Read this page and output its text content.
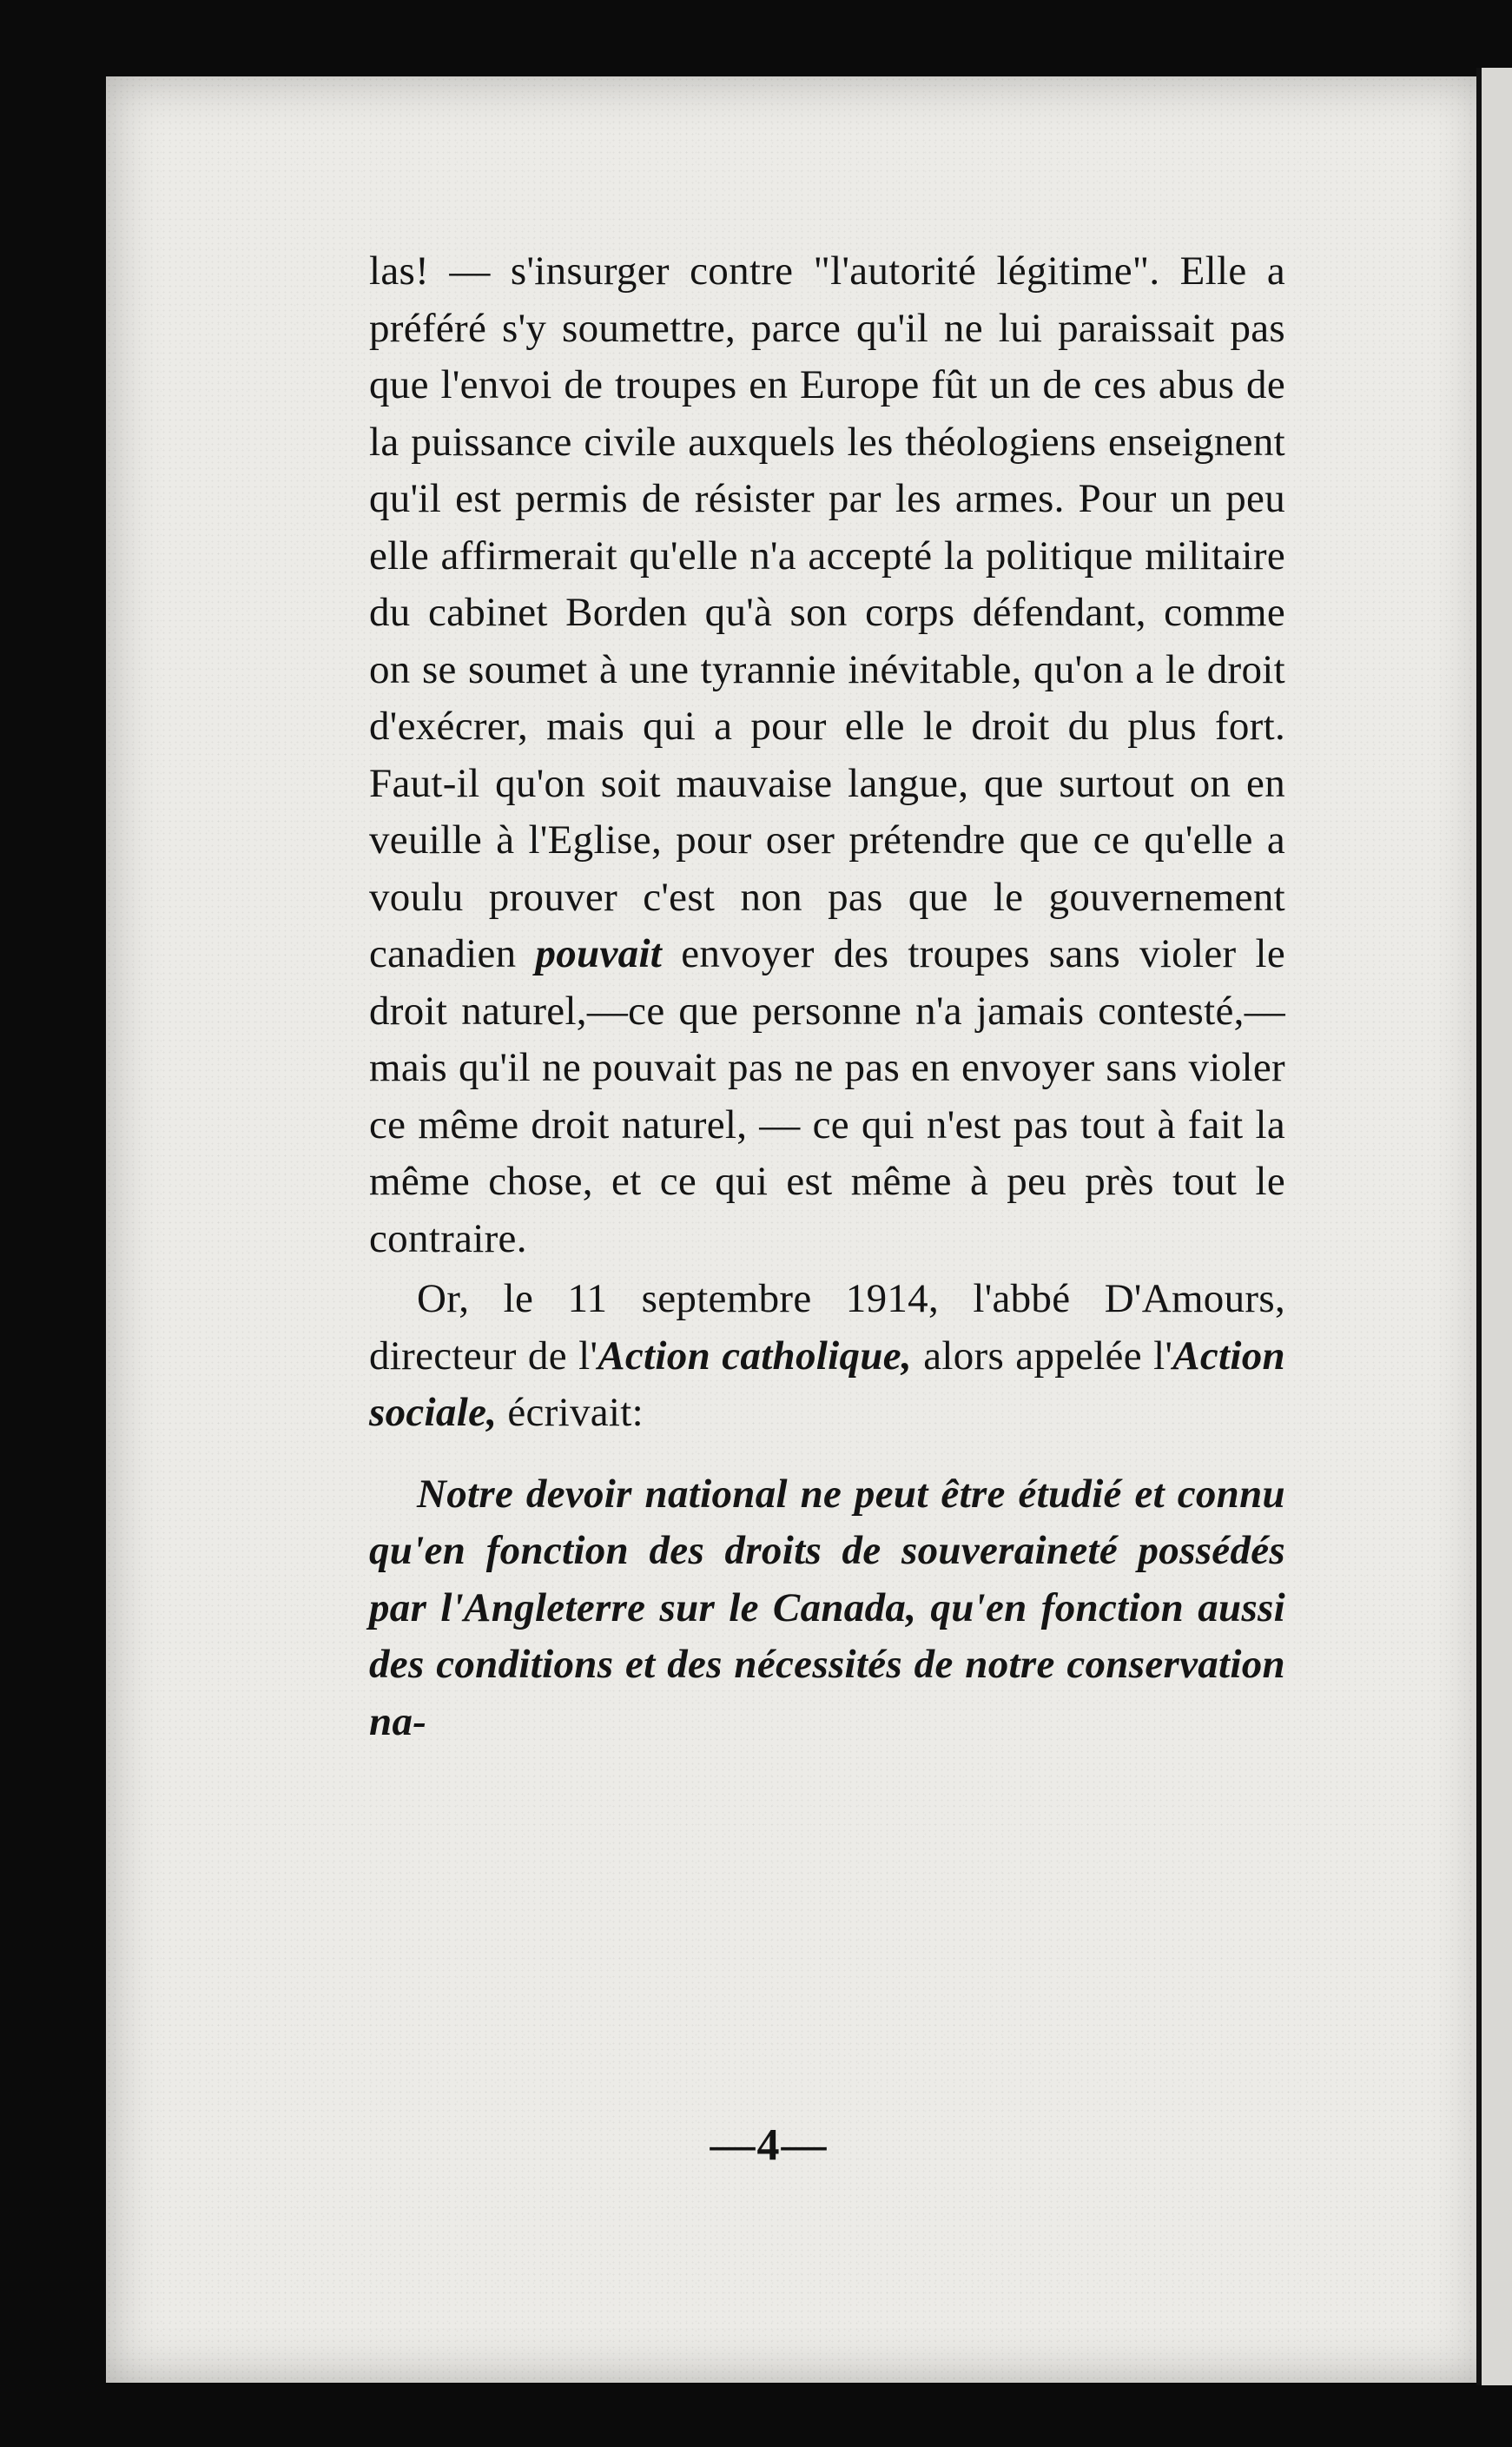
las! — s'insurger contre "l'autorité légitime". Elle a préféré s'y soumettre, parce qu'il ne lui paraissait pas que l'envoi de troupes en Europe fût un de ces abus de la puissance civile auxquels les théologiens enseignent qu'il est permis de résister par les armes. Pour un peu elle affirmerait qu'elle n'a accepté la politique militaire du cabinet Borden qu'à son corps défendant, comme on se soumet à une tyrannie inévitable, qu'on a le droit d'exécrer, mais qui a pour elle le droit du plus fort. Faut-il qu'on soit mauvaise langue, que surtout on en veuille à l'Eglise, pour oser prétendre que ce qu'elle a voulu prouver c'est non pas que le gouvernement canadien pouvait envoyer des troupes sans violer le droit naturel,—ce que personne n'a jamais contesté,—mais qu'il ne pouvait pas ne pas en envoyer sans violer ce même droit naturel, — ce qui n'est pas tout à fait la même chose, et ce qui est même à peu près tout le contraire.

Or, le 11 septembre 1914, l'abbé D'Amours, directeur de l'Action catholique, alors appelée l'Action sociale, écrivait:

Notre devoir national ne peut être étudié et connu qu'en fonction des droits de souveraineté possédés par l'Angleterre sur le Canada, qu'en fonction aussi des conditions et des nécessités de notre conservation na-

—4—
